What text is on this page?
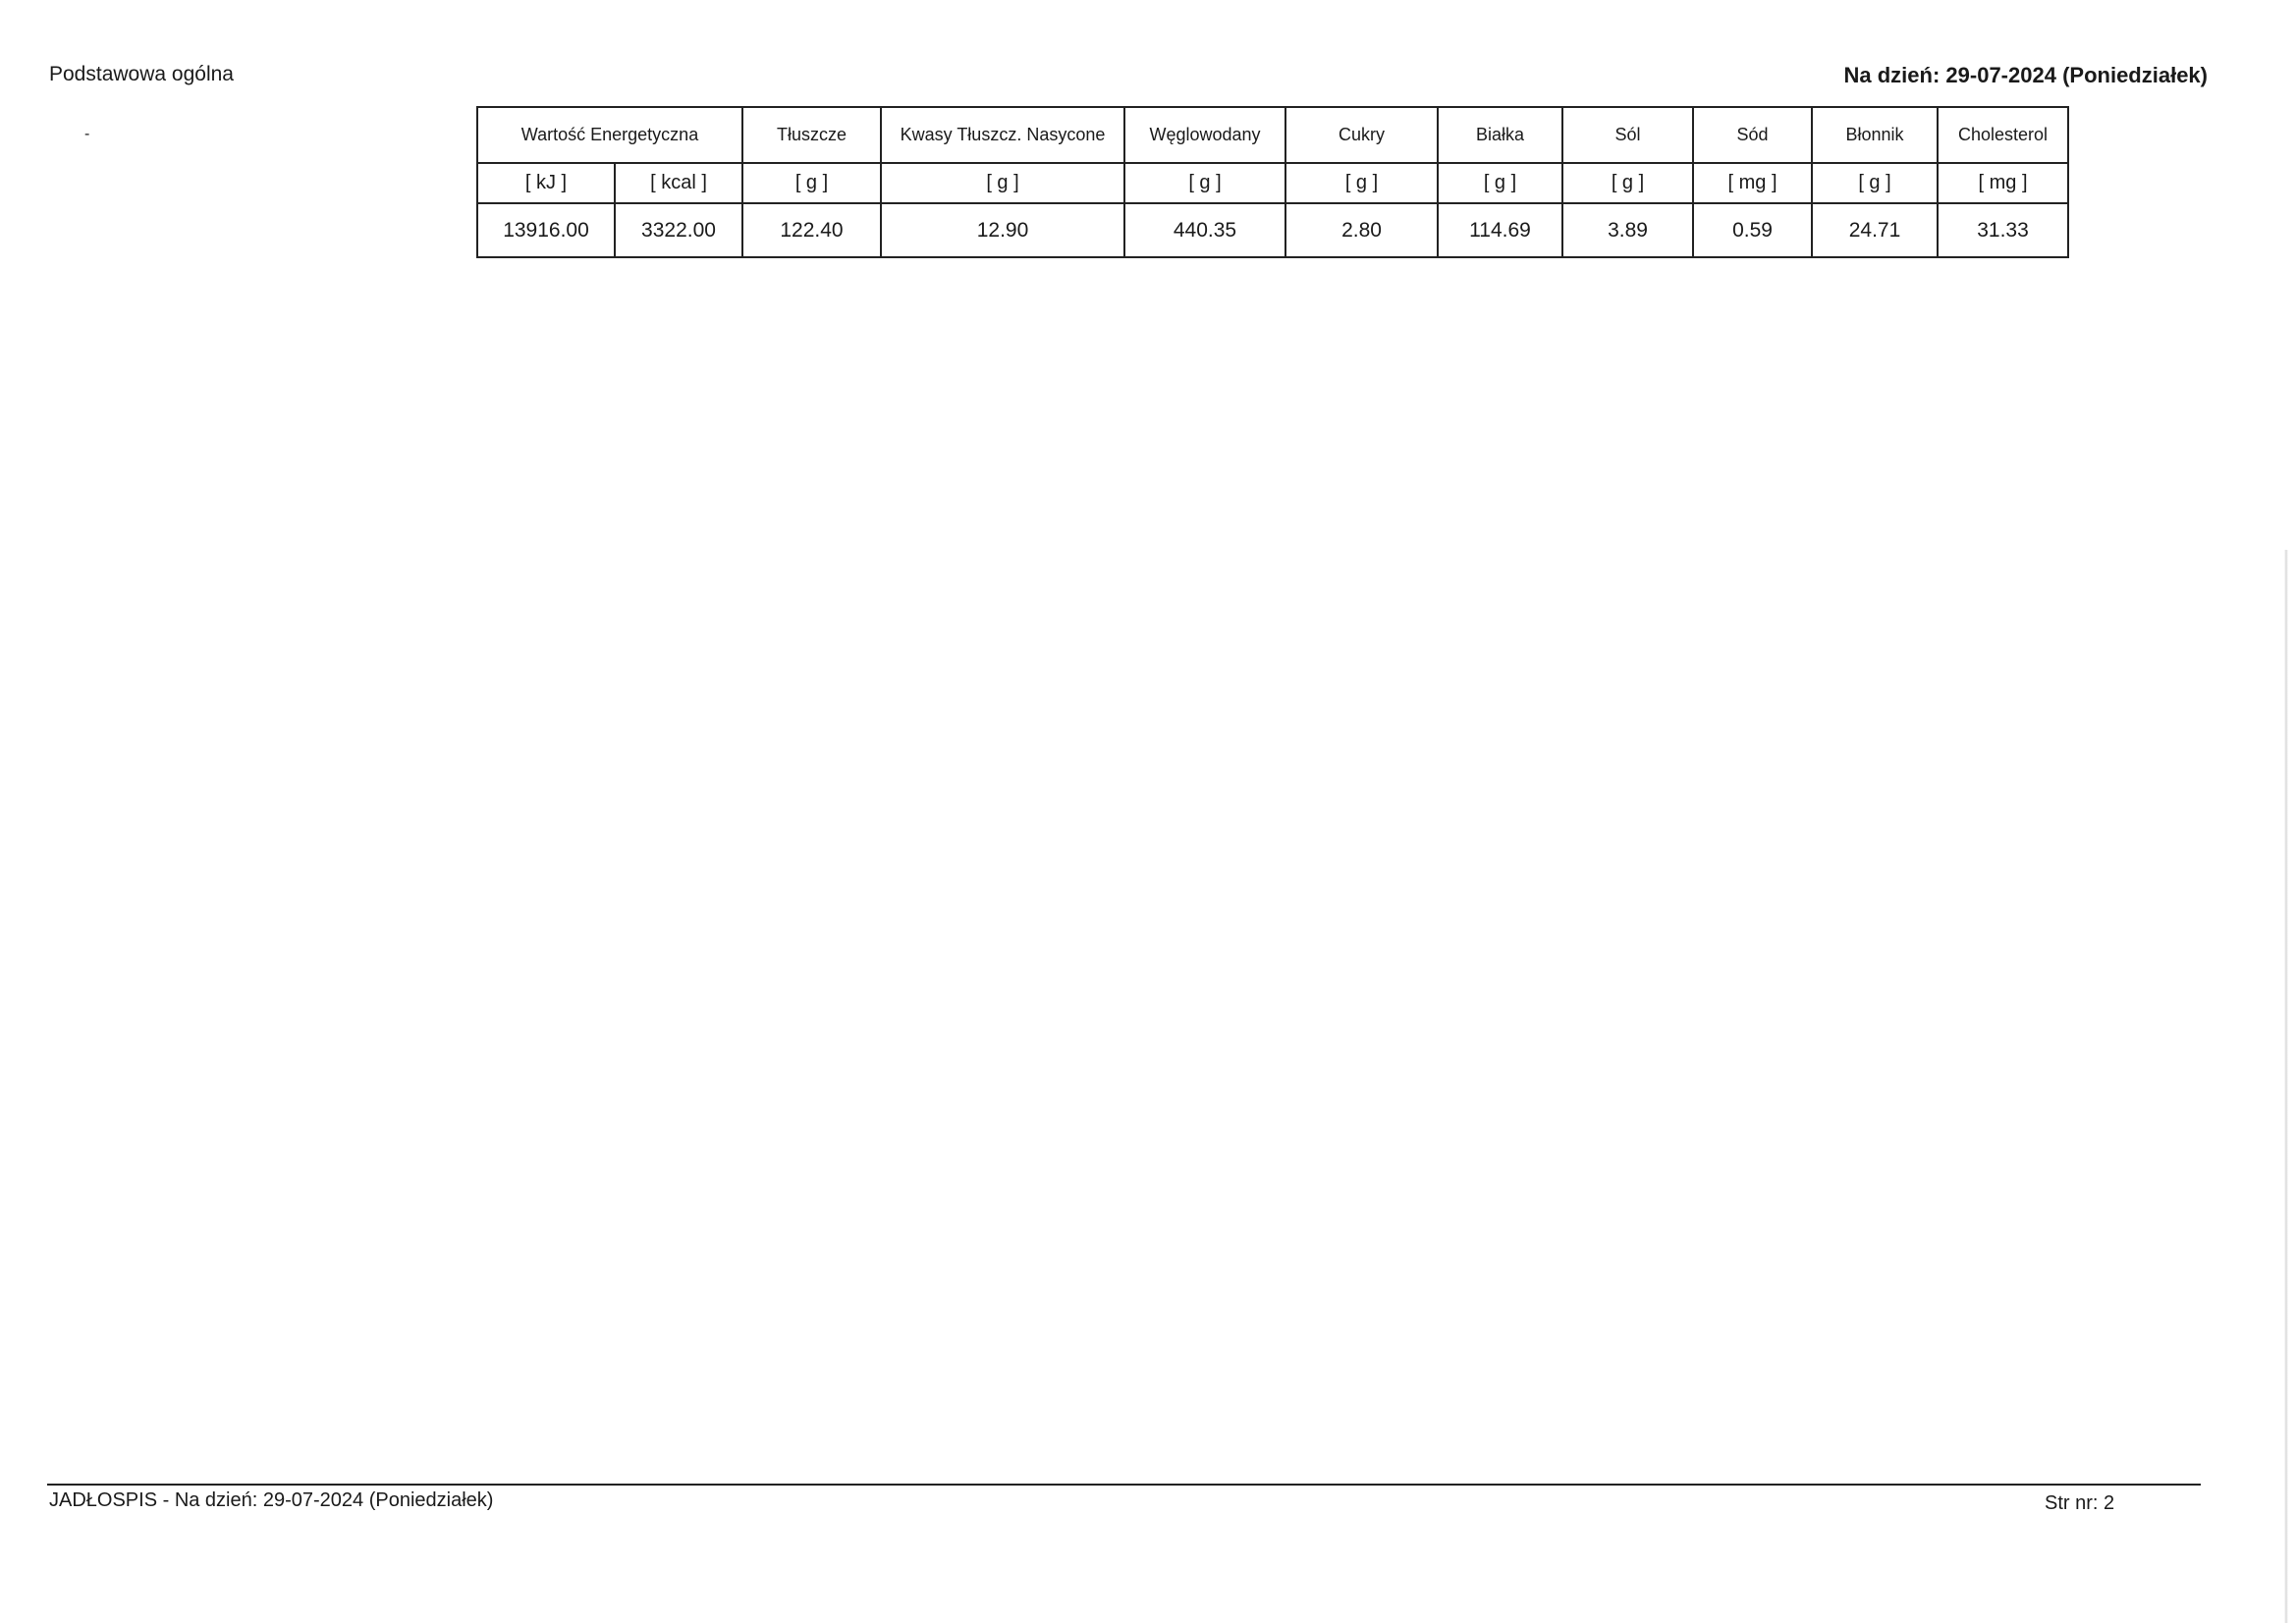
Podstawowa ogólna	Na dzień: 29-07-2024 (Poniedziałek)
-	Wartość Energetyczna		Tłuszcze	Kwasy Tłuszcz. Nasycone	Węglowodany	Cukry	Białka	Sól	Sód	Błonnik	Cholesterol
[ kJ ]	[ kcal ]	[ g ]	[ g ]	[ g ]	[ g ]	[ g ]	[ g ]	[ mg ]	[ g ]	[ mg ]
13916.00	3322.00	122.40	12.90	440.35	2.80	114.69	3.89	0.59	24.71	31.33
JADŁOSPIS - Na dzień: 29-07-2024 (Poniedziałek)	Str nr: 2
